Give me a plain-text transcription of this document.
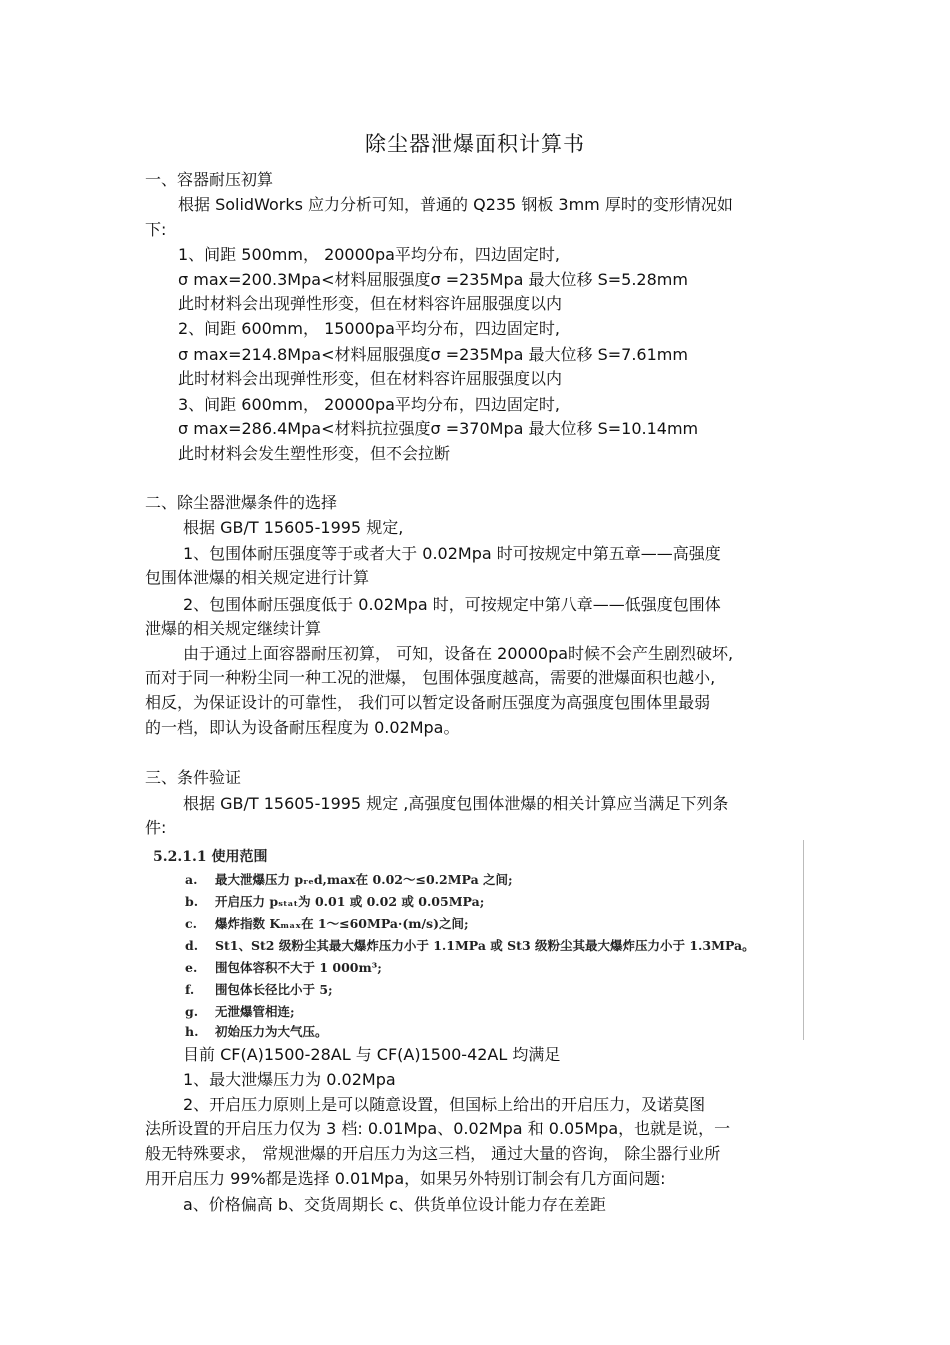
除尘器泄爆面积计算书
一、容器耐压初算
根据 SolidWorks 应力分析可知，普通的 Q235 钢板 3mm 厚时的变形情况如
下:
1、间距 500mm， 20000pa平均分布，四边固定时,
σ max=200.3Mpa<材料屈服强度σ =235Mpa 最大位移 S=5.28mm
此时材料会出现弹性形变，但在材料容许屈服强度以内
2、间距 600mm， 15000pa平均分布，四边固定时,
σ max=214.8Mpa<材料屈服强度σ =235Mpa 最大位移 S=7.61mm
此时材料会出现弹性形变，但在材料容许屈服强度以内
3、间距 600mm， 20000pa平均分布，四边固定时,
σ max=286.4Mpa<材料抗拉强度σ =370Mpa 最大位移 S=10.14mm
此时材料会发生塑性形变，但不会拉断
二、除尘器泄爆条件的选择
根据 GB/T 15605-1995 规定,
1、包围体耐压强度等于或者大于 0.02Mpa 时可按规定中第五章——高强度
包围体泄爆的相关规定进行计算
2、包围体耐压强度低于 0.02Mpa 时，可按规定中第八章——低强度包围体
泄爆的相关规定继续计算
由于通过上面容器耐压初算， 可知，设备在 20000pa时候不会产生剧烈破坏,
而对于同一种粉尘同一种工况的泄爆， 包围体强度越高，需要的泄爆面积也越小,
相反，为保证设计的可靠性， 我们可以暂定设备耐压强度为高强度包围体里最弱
的一档，即认为设备耐压程度为 0.02Mpa。
三、条件验证
根据 GB/T 15605-1995 规定 ,高强度包围体泄爆的相关计算应当满足下列条
件:
5.2.1.1 使用范围
a. 最大泄爆压力 pᵣₑd,max在 0.02～≤0.2MPa 之间;
b. 开启压力 pₛₜₐₜ为 0.01 或 0.02 或 0.05MPa;
c. 爆炸指数 Kₘₐₓ在 1～≤60MPa·(m/s)之间;
d. St1、St2 级粉尘其最大爆炸压力小于 1.1MPa 或 St3 级粉尘其最大爆炸压力小于 1.3MPa。
e. 围包体容积不大于 1 000m³;
f. 围包体长径比小于 5;
g. 无泄爆管相连;
h. 初始压力为大气压。
目前 CF(A)1500-28AL 与 CF(A)1500-42AL 均满足
1、最大泄爆压力为 0.02Mpa
2、开启压力原则上是可以随意设置，但国标上给出的开启压力，及诺莫图
法所设置的开启压力仅为 3 档: 0.01Mpa、0.02Mpa 和 0.05Mpa，也就是说，一
般无特殊要求， 常规泄爆的开启压力为这三档， 通过大量的咨询， 除尘器行业所
用开启压力 99%都是选择 0.01Mpa，如果另外特别订制会有几方面问题:
a、价格偏高 b、交货周期长 c、供货单位设计能力存在差距
